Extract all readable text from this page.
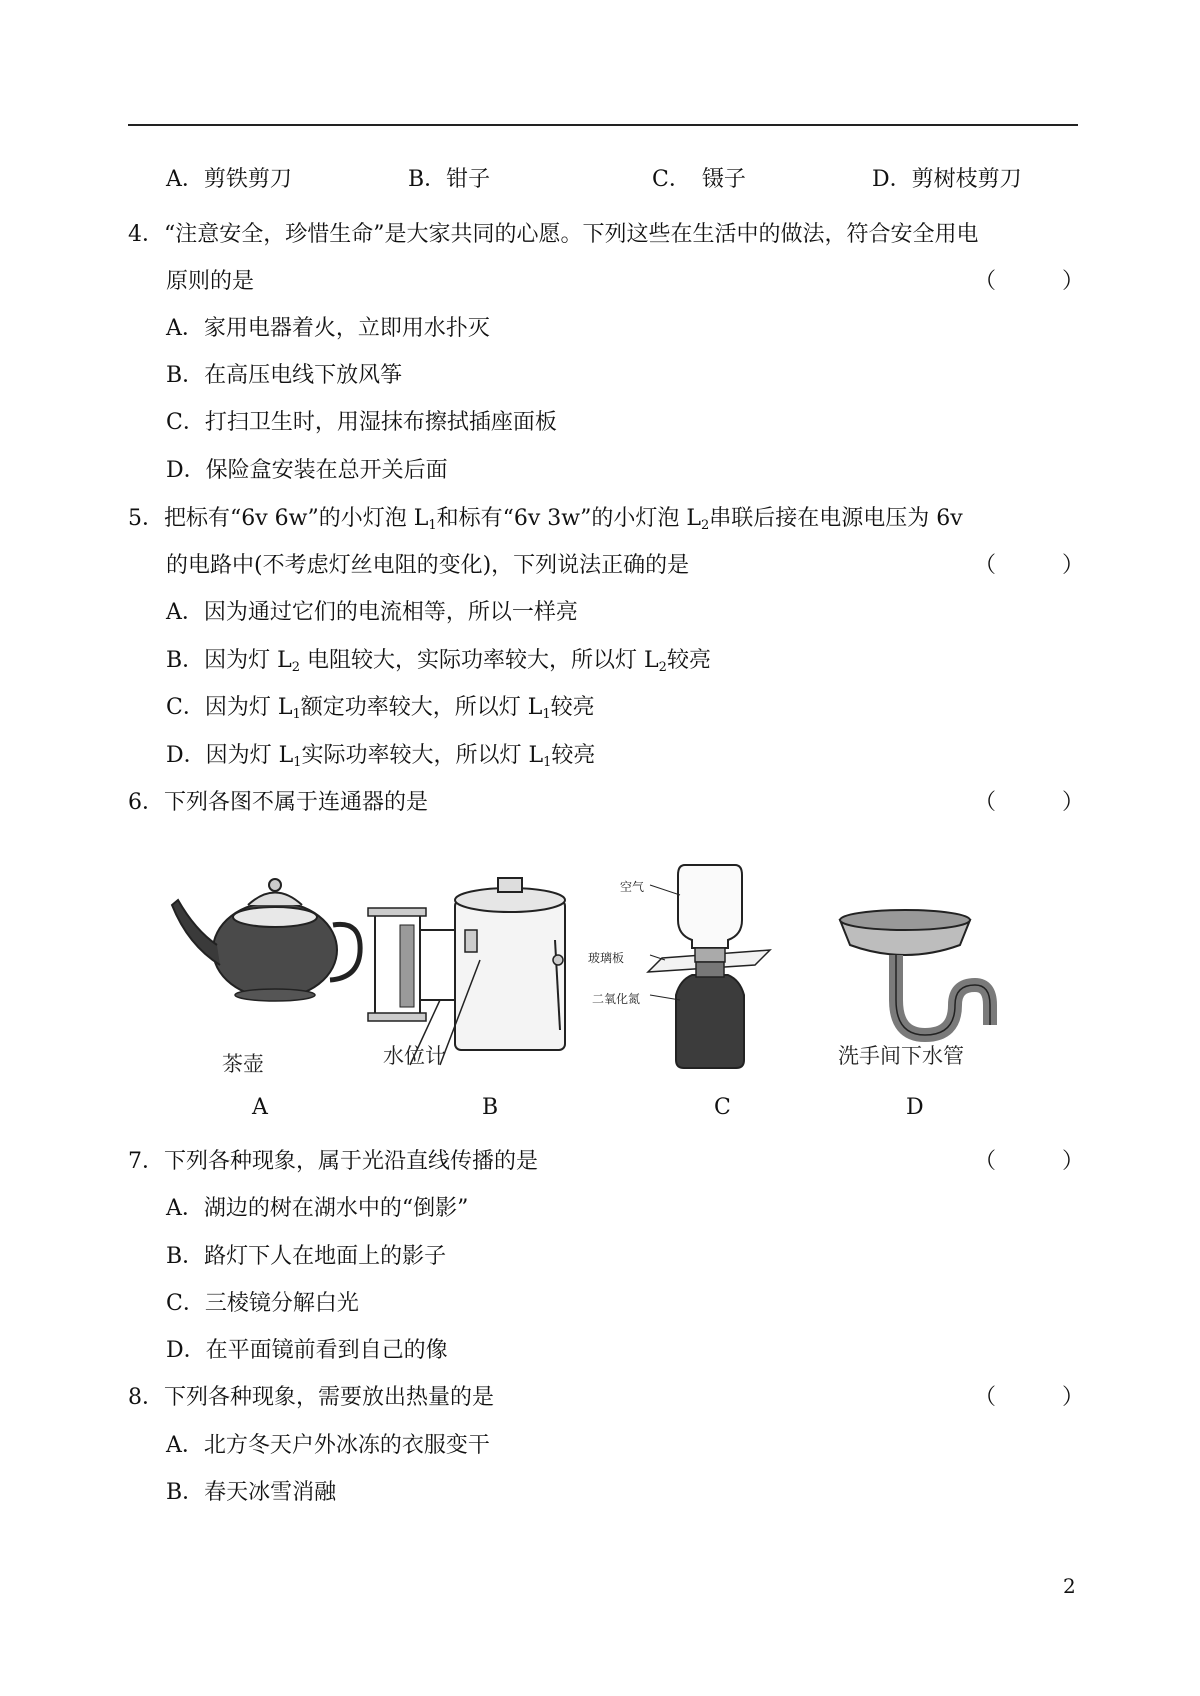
A．剪铁剪刀	B．钳子	C．　镊子	D．剪树枝剪刀
4．“注意安全，珍惜生命”是大家共同的心愿。下列这些在生活中的做法，符合安全用电
原则的是	（	）
A．家用电器着火，立即用水扑灭
B．在高压电线下放风筝
C．打扫卫生时，用湿抹布擦拭插座面板
D．保险盒安装在总开关后面
5．把标有“6v 6w”的小灯泡 $L_1$和标有“6v 3w”的小灯泡 $L_2$串联后接在电源电压为 6v
的电路中(不考虑灯丝电阻的变化)，下列说法正确的是	（	）
A．因为通过它们的电流相等，所以一样亮
B．因为灯 $L_2$ 电阻较大，实际功率较大，所以灯 $L_2$较亮
C．因为灯 $L_1$额定功率较大，所以灯 $L_1$较亮
D．因为灯 $L_1$实际功率较大，所以灯 $L_1$较亮
6．下列各图不属于连通器的是	（	）
茶壶	水位计
空气
玻璃板
二氧化氮
洗手间下水管
A	B	C	D
7．下列各种现象，属于光沿直线传播的是	（	）
A．湖边的树在湖水中的“倒影”
B．路灯下人在地面上的影子
C．三棱镜分解白光
D．在平面镜前看到自己的像
8．下列各种现象，需要放出热量的是	（	）
A．北方冬天户外冰冻的衣服变干
B．春天冰雪消融
2
